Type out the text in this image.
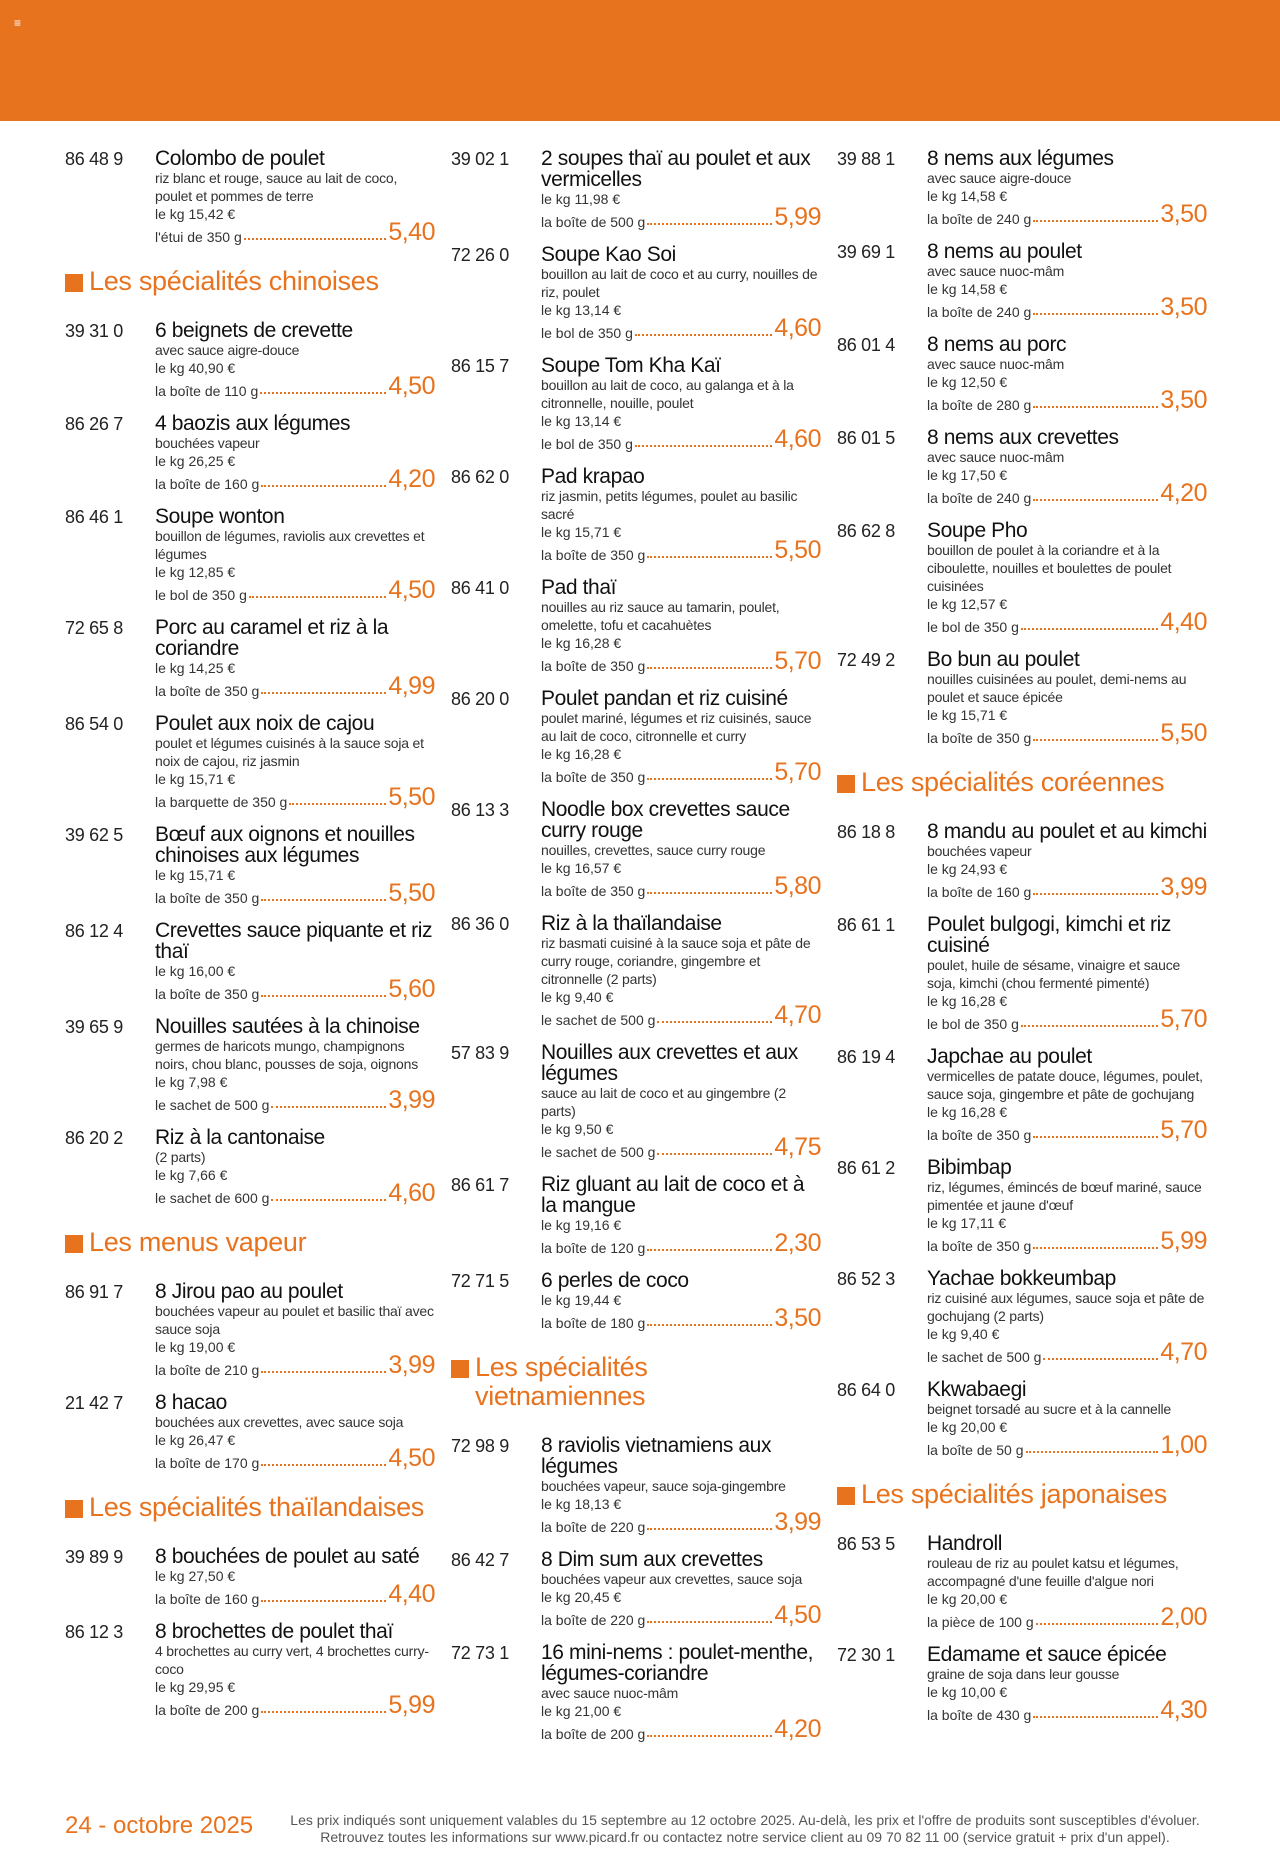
≡
86 48 9 Colombo de poulet
riz blanc et rouge, sauce au lait de coco, poulet et pommes de terre
le kg 15,42 €
l'étui de 350 g	5,40
Les spécialités chinoises
39 31 0 6 beignets de crevette
avec sauce aigre-douce
le kg 40,90 €
la boîte de 110 g	4,50
86 26 7 4 baozis aux légumes
bouchées vapeur
le kg 26,25 €
la boîte de 160 g	4,20
86 46 1 Soupe wonton
bouillon de légumes, raviolis aux crevettes et légumes
le kg 12,85 €
le bol de 350 g	4,50
72 65 8 Porc au caramel et riz à la coriandre
le kg 14,25 €
la boîte de 350 g	4,99
86 54 0 Poulet aux noix de cajou
poulet et légumes cuisinés à la sauce soja et noix de cajou, riz jasmin
le kg 15,71 €
la barquette de 350 g	5,50
39 62 5 Bœuf aux oignons et nouilles chinoises aux légumes
le kg 15,71 €
la boîte de 350 g	5,50
86 12 4 Crevettes sauce piquante et riz thaï
le kg 16,00 €
la boîte de 350 g	5,60
39 65 9 Nouilles sautées à la chinoise
germes de haricots mungo, champignons noirs, chou blanc, pousses de soja, oignons
le kg 7,98 €
le sachet de 500 g	3,99
86 20 2 Riz à la cantonaise
(2 parts)
le kg 7,66 €
le sachet de 600 g	4,60
Les menus vapeur
86 91 7 8 Jirou pao au poulet
bouchées vapeur au poulet et basilic thaï avec sauce soja
le kg 19,00 €
la boîte de 210 g	3,99
21 42 7 8 hacao
bouchées aux crevettes, avec sauce soja
le kg 26,47 €
la boîte de 170 g	4,50
Les spécialités thaïlandaises
39 89 9 8 bouchées de poulet au saté
le kg 27,50 €
la boîte de 160 g	4,40
86 12 3 8 brochettes de poulet thaï
4 brochettes au curry vert, 4 brochettes curry-coco
le kg 29,95 €
la boîte de 200 g	5,99
39 02 1 2 soupes thaï au poulet et aux vermicelles
le kg 11,98 €
la boîte de 500 g	5,99
72 26 0 Soupe Kao Soi
bouillon au lait de coco et au curry, nouilles de riz, poulet
le kg 13,14 €
le bol de 350 g	4,60
86 15 7 Soupe Tom Kha Kaï
bouillon au lait de coco, au galanga et à la citronnelle, nouille, poulet
le kg 13,14 €
le bol de 350 g	4,60
86 62 0 Pad krapao
riz jasmin, petits légumes, poulet au basilic sacré
le kg 15,71 €
la boîte de 350 g	5,50
86 41 0 Pad thaï
nouilles au riz sauce au tamarin, poulet, omelette, tofu et cacahuètes
le kg 16,28 €
la boîte de 350 g	5,70
86 20 0 Poulet pandan et riz cuisiné
poulet mariné, légumes et riz cuisinés, sauce au lait de coco, citronnelle et curry
le kg 16,28 €
la boîte de 350 g	5,70
86 13 3 Noodle box crevettes sauce curry rouge
nouilles, crevettes, sauce curry rouge
le kg 16,57 €
la boîte de 350 g	5,80
86 36 0 Riz à la thaïlandaise
riz basmati cuisiné à la sauce soja et pâte de curry rouge, coriandre, gingembre et citronnelle (2 parts)
le kg 9,40 €
le sachet de 500 g	4,70
57 83 9 Nouilles aux crevettes et aux légumes
sauce au lait de coco et au gingembre (2 parts)
le kg 9,50 €
le sachet de 500 g	4,75
86 61 7 Riz gluant au lait de coco et à la mangue
le kg 19,16 €
la boîte de 120 g	2,30
72 71 5 6 perles de coco
le kg 19,44 €
la boîte de 180 g	3,50
Les spécialités vietnamiennes
72 98 9 8 raviolis vietnamiens aux légumes
bouchées vapeur, sauce soja-gingembre
le kg 18,13 €
la boîte de 220 g	3,99
86 42 7 8 Dim sum aux crevettes
bouchées vapeur aux crevettes, sauce soja
le kg 20,45 €
la boîte de 220 g	4,50
72 73 1 16 mini-nems : poulet-menthe, légumes-coriandre
avec sauce nuoc-mâm
le kg 21,00 €
la boîte de 200 g	4,20
39 88 1 8 nems aux légumes
avec sauce aigre-douce
le kg 14,58 €
la boîte de 240 g	3,50
39 69 1 8 nems au poulet
avec sauce nuoc-mâm
le kg 14,58 €
la boîte de 240 g	3,50
86 01 4 8 nems au porc
avec sauce nuoc-mâm
le kg 12,50 €
la boîte de 280 g	3,50
86 01 5 8 nems aux crevettes
avec sauce nuoc-mâm
le kg 17,50 €
la boîte de 240 g	4,20
86 62 8 Soupe Pho
bouillon de poulet à la coriandre et à la ciboulette, nouilles et boulettes de poulet cuisinées
le kg 12,57 €
le bol de 350 g	4,40
72 49 2 Bo bun au poulet
nouilles cuisinées au poulet, demi-nems au poulet et sauce épicée
le kg 15,71 €
la boîte de 350 g	5,50
Les spécialités coréennes
86 18 8 8 mandu au poulet et au kimchi
bouchées vapeur
le kg 24,93 €
la boîte de 160 g	3,99
86 61 1 Poulet bulgogi, kimchi et riz cuisiné
poulet, huile de sésame, vinaigre et sauce soja, kimchi (chou fermenté pimenté)
le kg 16,28 €
le bol de 350 g	5,70
86 19 4 Japchae au poulet
vermicelles de patate douce, légumes, poulet, sauce soja, gingembre et pâte de gochujang
le kg 16,28 €
la boîte de 350 g	5,70
86 61 2 Bibimbap
riz, légumes, émincés de bœuf mariné, sauce pimentée et jaune d'œuf
le kg 17,11 €
la boîte de 350 g	5,99
86 52 3 Yachae bokkeumbap
riz cuisiné aux légumes, sauce soja et pâte de gochujang (2 parts)
le kg 9,40 €
le sachet de 500 g	4,70
86 64 0 Kkwabaegi
beignet torsadé au sucre et à la cannelle
le kg 20,00 €
la boîte de 50 g	1,00
Les spécialités japonaises
86 53 5 Handroll
rouleau de riz au poulet katsu et légumes, accompagné d'une feuille d'algue nori
le kg 20,00 €
la pièce de 100 g	2,00
72 30 1 Edamame et sauce épicée
graine de soja dans leur gousse
le kg 10,00 €
la boîte de 430 g	4,30
24 - octobre 2025	Les prix indiqués sont uniquement valables du 15 septembre au 12 octobre 2025. Au-delà, les prix et l'offre de produits sont susceptibles d'évoluer.
Retrouvez toutes les informations sur www.picard.fr ou contactez notre service client au 09 70 82 11 00 (service gratuit + prix d'un appel).
